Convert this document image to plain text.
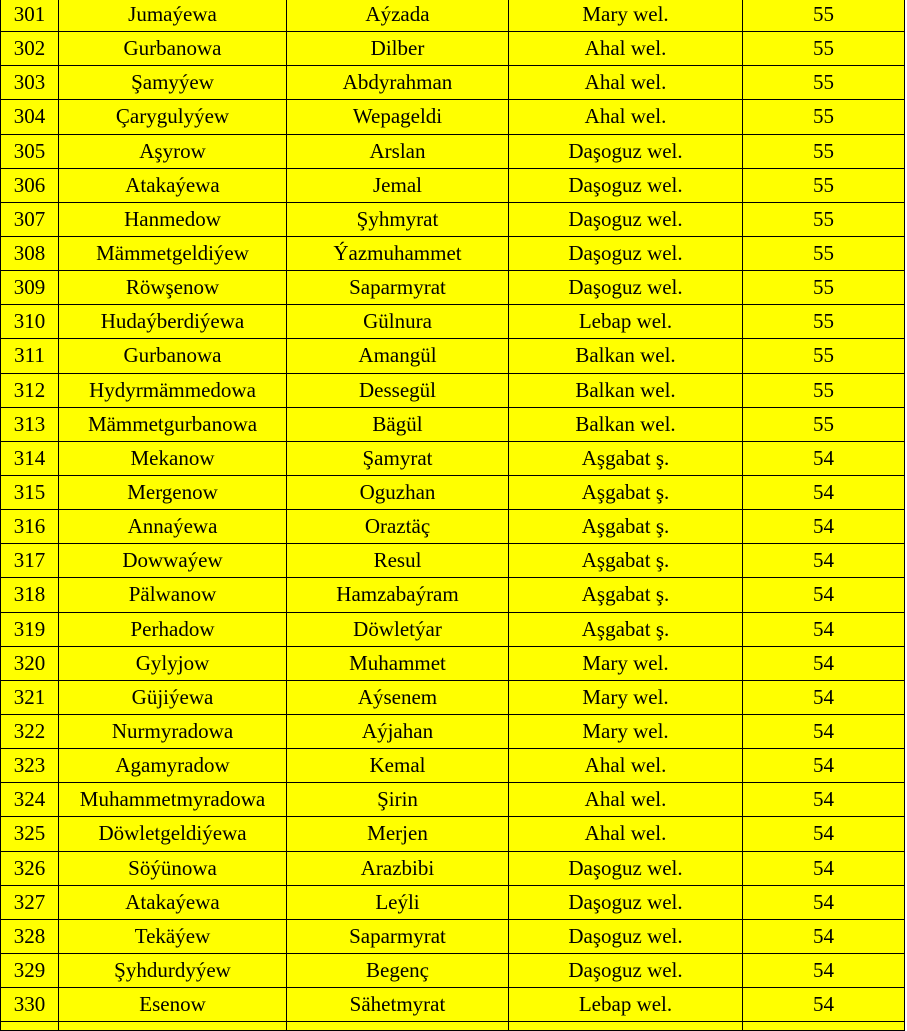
301	Jumaýewa	Aýzada	Mary wel.	55
302	Gurbanowa	Dilber	Ahal wel.	55
303	Şamyýew	Abdyrahman	Ahal wel.	55
304	Çarygulyýew	Wepageldi	Ahal wel.	55
305	Aşyrow	Arslan	Daşoguz wel.	55
306	Atakaýewa	Jemal	Daşoguz wel.	55
307	Hanmedow	Şyhmyrat	Daşoguz wel.	55
308	Mämmetgeldiýew	Ýazmuhammet	Daşoguz wel.	55
309	Röwşenow	Saparmyrat	Daşoguz wel.	55
310	Hudaýberdiýewa	Gülnura	Lebap wel.	55
311	Gurbanowa	Amangül	Balkan wel.	55
312	Hydyrmämmedowa	Dessegül	Balkan wel.	55
313	Mämmetgurbanowa	Bägül	Balkan wel.	55
314	Mekanow	Şamyrat	Aşgabat ş.	54
315	Mergenow	Oguzhan	Aşgabat ş.	54
316	Annaýewa	Oraztäç	Aşgabat ş.	54
317	Dowwaýew	Resul	Aşgabat ş.	54
318	Pälwanow	Hamzabaýram	Aşgabat ş.	54
319	Perhadow	Döwletýar	Aşgabat ş.	54
320	Gylyjow	Muhammet	Mary wel.	54
321	Güjiýewa	Aýsenem	Mary wel.	54
322	Nurmyradowa	Aýjahan	Mary wel.	54
323	Agamyradow	Kemal	Ahal wel.	54
324	Muhammetmyradowa	Şirin	Ahal wel.	54
325	Döwletgeldiýewa	Merjen	Ahal wel.	54
326	Söýünowa	Arazbibi	Daşoguz wel.	54
327	Atakaýewa	Leýli	Daşoguz wel.	54
328	Tekäýew	Saparmyrat	Daşoguz wel.	54
329	Şyhdurdyýew	Begenç	Daşoguz wel.	54
330	Esenow	Sähetmyrat	Lebap wel.	54
